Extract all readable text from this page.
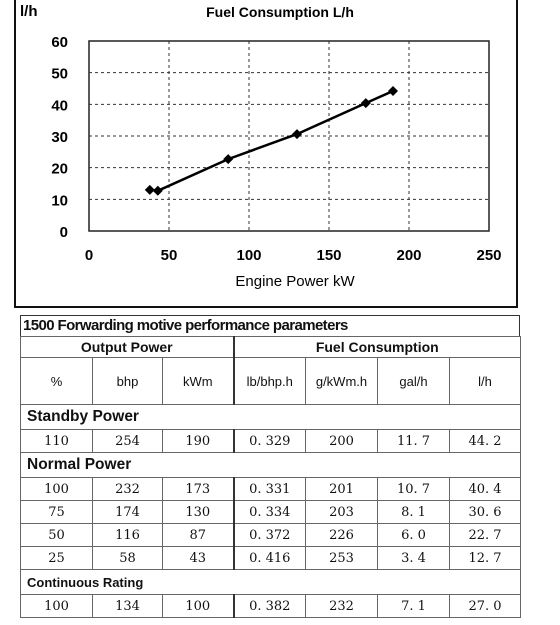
Fuel Consumption L/h
l/h
Engine Power kW
0
10
20
30
40
50
60
0	50	100	150	200	250
1500 Forwarding motive performance parameters
Output Power			Fuel Consumption			
%	bhp	kWm	lb/bhp.h	g/kWm.h	gal/h	l/h
Standby Power						
110	254	190	0. 329	200	11. 7	44. 2
Normal Power						
100	232	173	0. 331	201	10. 7	40. 4
75	174	130	0. 334	203	8. 1	30. 6
50	116	87	0. 372	226	6. 0	22. 7
25	58	43	0. 416	253	3. 4	12. 7
Continuous Rating						
100	134	100	0. 382	232	7. 1	27. 0
